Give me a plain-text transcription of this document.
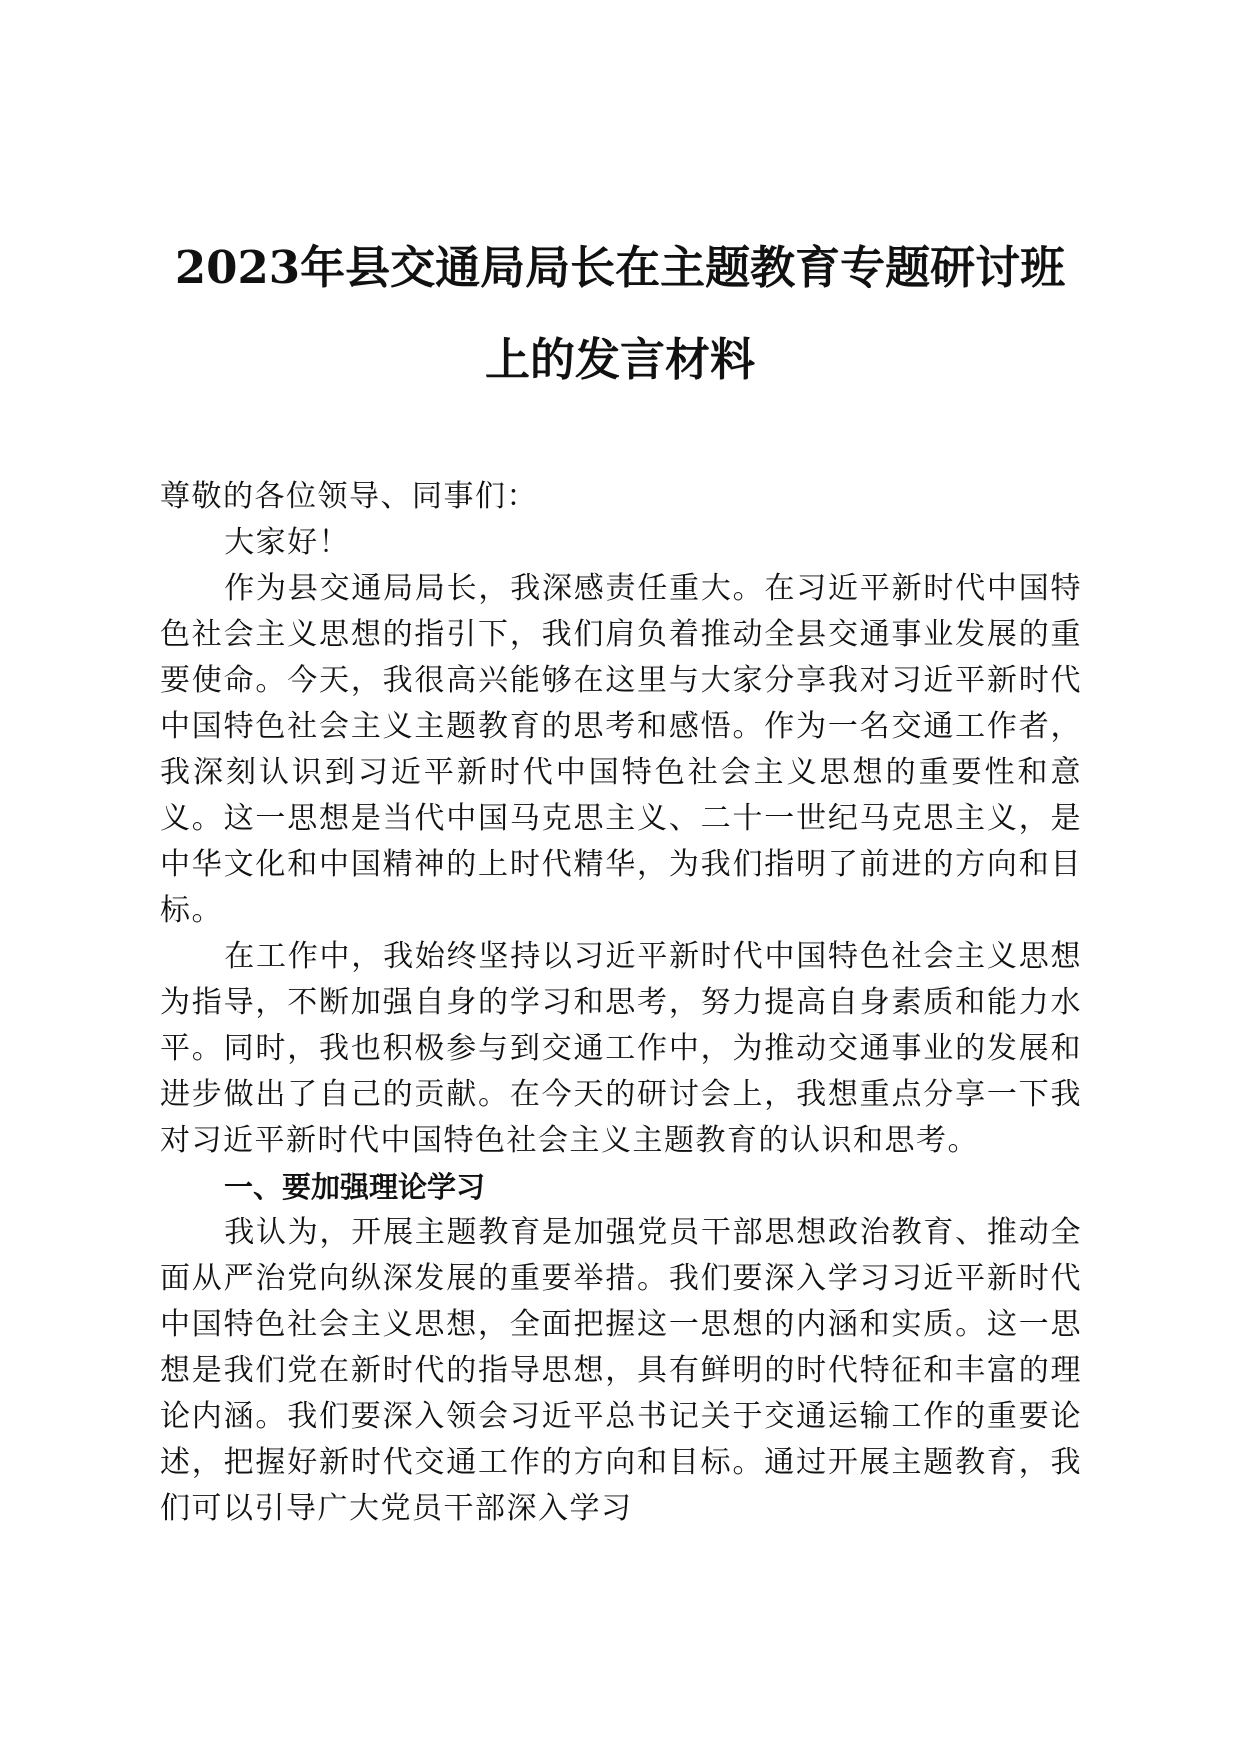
2023年县交通局局长在主题教育专题研讨班
上的发言材料

尊敬的各位领导、同事们：

大家好！

作为县交通局局长，我深感责任重大。在习近平新时代中国特色社会主义思想的指引下，我们肩负着推动全县交通事业发展的重要使命。今天，我很高兴能够在这里与大家分享我对习近平新时代中国特色社会主义主题教育的思考和感悟。作为一名交通工作者，我深刻认识到习近平新时代中国特色社会主义思想的重要性和意义。这一思想是当代中国马克思主义、二十一世纪马克思主义，是中华文化和中国精神的上时代精华，为我们指明了前进的方向和目标。

在工作中，我始终坚持以习近平新时代中国特色社会主义思想为指导，不断加强自身的学习和思考，努力提高自身素质和能力水平。同时，我也积极参与到交通工作中，为推动交通事业的发展和进步做出了自己的贡献。在今天的研讨会上，我想重点分享一下我对习近平新时代中国特色社会主义主题教育的认识和思考。

一、要加强理论学习

我认为，开展主题教育是加强党员干部思想政治教育、推动全面从严治党向纵深发展的重要举措。我们要深入学习习近平新时代中国特色社会主义思想，全面把握这一思想的内涵和实质。这一思想是我们党在新时代的指导思想，具有鲜明的时代特征和丰富的理论内涵。我们要深入领会习近平总书记关于交通运输工作的重要论述，把握好新时代交通工作的方向和目标。通过开展主题教育，我们可以引导广大党员干部深入学习
